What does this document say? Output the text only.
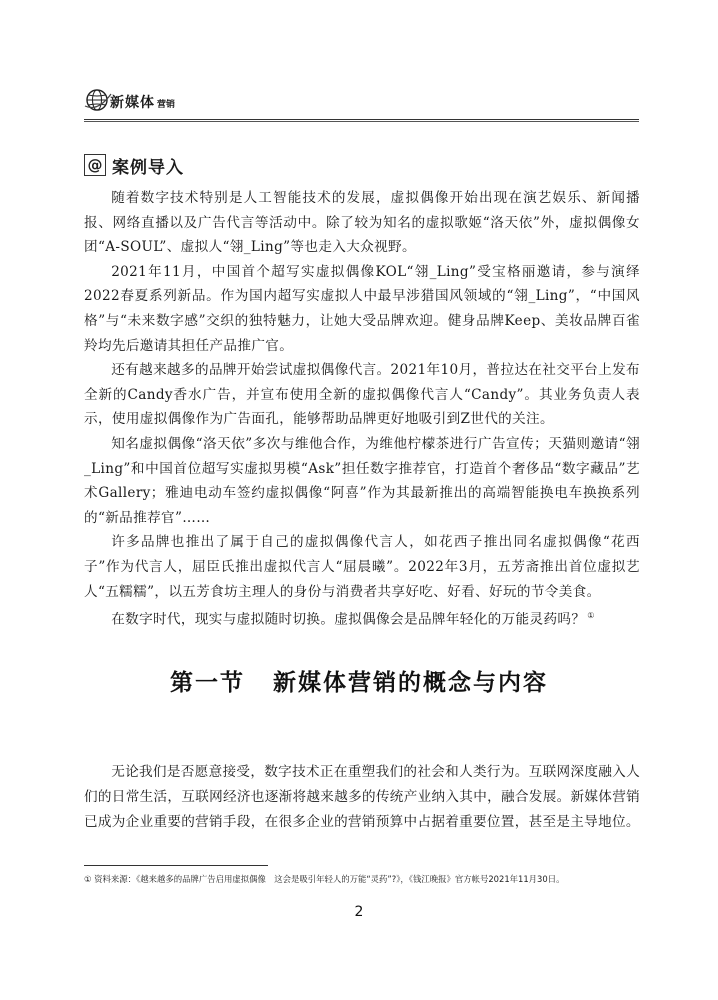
新媒体 营销
@ 案例导入

随着数字技术特别是人工智能技术的发展，虚拟偶像开始出现在演艺娱乐、新闻播报、网络直播以及广告代言等活动中。除了较为知名的虚拟歌姬“洛天依”外，虚拟偶像女团“A-SOUL”、虚拟人“翎_Ling”等也走入大众视野。

2021年11月，中国首个超写实虚拟偶像KOL“翎_Ling”受宝格丽邀请，参与演绎2022春夏系列新品。作为国内超写实虚拟人中最早涉猎国风领域的“翎_Ling”，“中国风格”与“未来数字感”交织的独特魅力，让她大受品牌欢迎。健身品牌Keep、美妆品牌百雀羚均先后邀请其担任产品推广官。

还有越来越多的品牌开始尝试虚拟偶像代言。2021年10月，普拉达在社交平台上发布全新的Candy香水广告，并宣布使用全新的虚拟偶像代言人“Candy”。其业务负责人表示，使用虚拟偶像作为广告面孔，能够帮助品牌更好地吸引到Z世代的关注。

知名虚拟偶像“洛天依”多次与维他合作，为维他柠檬茶进行广告宣传；天猫则邀请“翎_Ling”和中国首位超写实虚拟男模“Ask”担任数字推荐官，打造首个奢侈品“数字藏品”艺术Gallery；雅迪电动车签约虚拟偶像“阿喜”作为其最新推出的高端智能换电车换换系列的“新品推荐官”……

许多品牌也推出了属于自己的虚拟偶像代言人，如花西子推出同名虚拟偶像“花西子”作为代言人，屈臣氏推出虚拟代言人“屈晨曦”。2022年3月，五芳斋推出首位虚拟艺人“五糯糯”，以五芳食坊主理人的身份与消费者共享好吃、好看、好玩的节令美食。

在数字时代，现实与虚拟随时切换。虚拟偶像会是品牌年轻化的万能灵药吗？ ①

第一节 新媒体营销的概念与内容

无论我们是否愿意接受，数字技术正在重塑我们的社会和人类行为。互联网深度融入人们的日常生活，互联网经济也逐渐将越来越多的传统产业纳入其中，融合发展。新媒体营销已成为企业重要的营销手段，在很多企业的营销预算中占据着重要位置，甚至是主导地位。

① 资料来源：《越来越多的品牌广告启用虚拟偶像　这会是吸引年轻人的万能“灵药”?》，《钱江晚报》官方帐号2021年11月30日。
2
